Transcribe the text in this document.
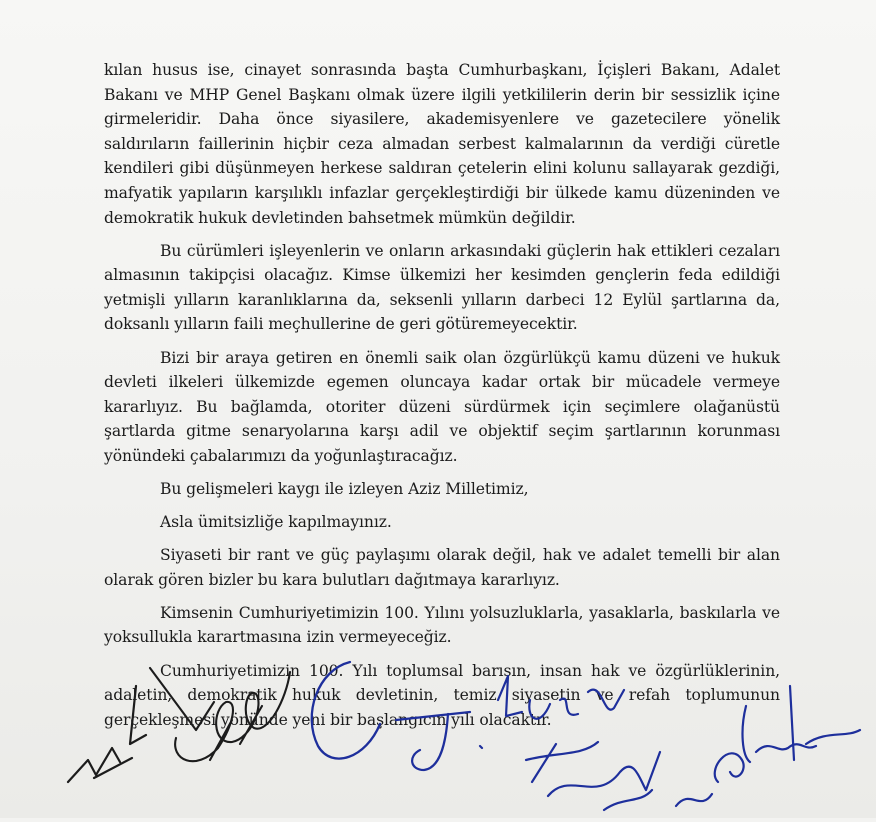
kılan husus ise, cinayet sonrasında başta Cumhurbaşkanı, İçişleri Bakanı, Adalet Bakanı ve MHP Genel Başkanı olmak üzere ilgili yetkililerin derin bir sessizlik içine girmeleridir. Daha önce siyasilere, akademisyenlere ve gazetecilere yönelik saldırıların faillerinin hiçbir ceza almadan serbest kalmalarının da verdiği cüretle kendileri gibi düşünmeyen herkese saldıran çetelerin elini kolunu sallayarak gezdiği, mafyatik yapıların karşılıklı infazlar gerçekleştirdiği bir ülkede kamu düzeninden ve demokratik hukuk devletinden bahsetmek mümkün değildir.

Bu cürümleri işleyenlerin ve onların arkasındaki güçlerin hak ettikleri cezaları almasının takipçisi olacağız. Kimse ülkemizi her kesimden gençlerin feda edildiği yetmişli yılların karanlıklarına da, seksenli yılların darbeci 12 Eylül şartlarına da, doksanlı yılların faili meçhullerine de geri götüremeyecektir.

Bizi bir araya getiren en önemli saik olan özgürlükçü kamu düzeni ve hukuk devleti ilkeleri ülkemizde egemen oluncaya kadar ortak bir mücadele vermeye kararlıyız. Bu bağlamda, otoriter düzeni sürdürmek için seçimlere olağanüstü şartlarda gitme senaryolarına karşı adil ve objektif seçim şartlarının korunması yönündeki çabalarımızı da yoğunlaştıracağız.

Bu gelişmeleri kaygı ile izleyen Aziz Milletimiz,

Asla ümitsizliğe kapılmayınız.

Siyaseti bir rant ve güç paylaşımı olarak değil, hak ve adalet temelli bir alan olarak gören bizler bu kara bulutları dağıtmaya kararlıyız.

Kimsenin Cumhuriyetimizin 100. Yılını yolsuzluklarla, yasaklarla, baskılarla ve yoksullukla karartmasına izin vermeyeceğiz.

Cumhuriyetimizin 100. Yılı toplumsal barışın, insan hak ve özgürlüklerinin, adaletin, demokratik hukuk devletinin, temiz siyasetin ve refah toplumunun gerçekleşmesi yönünde yeni bir başlangıcın yılı olacaktır.
